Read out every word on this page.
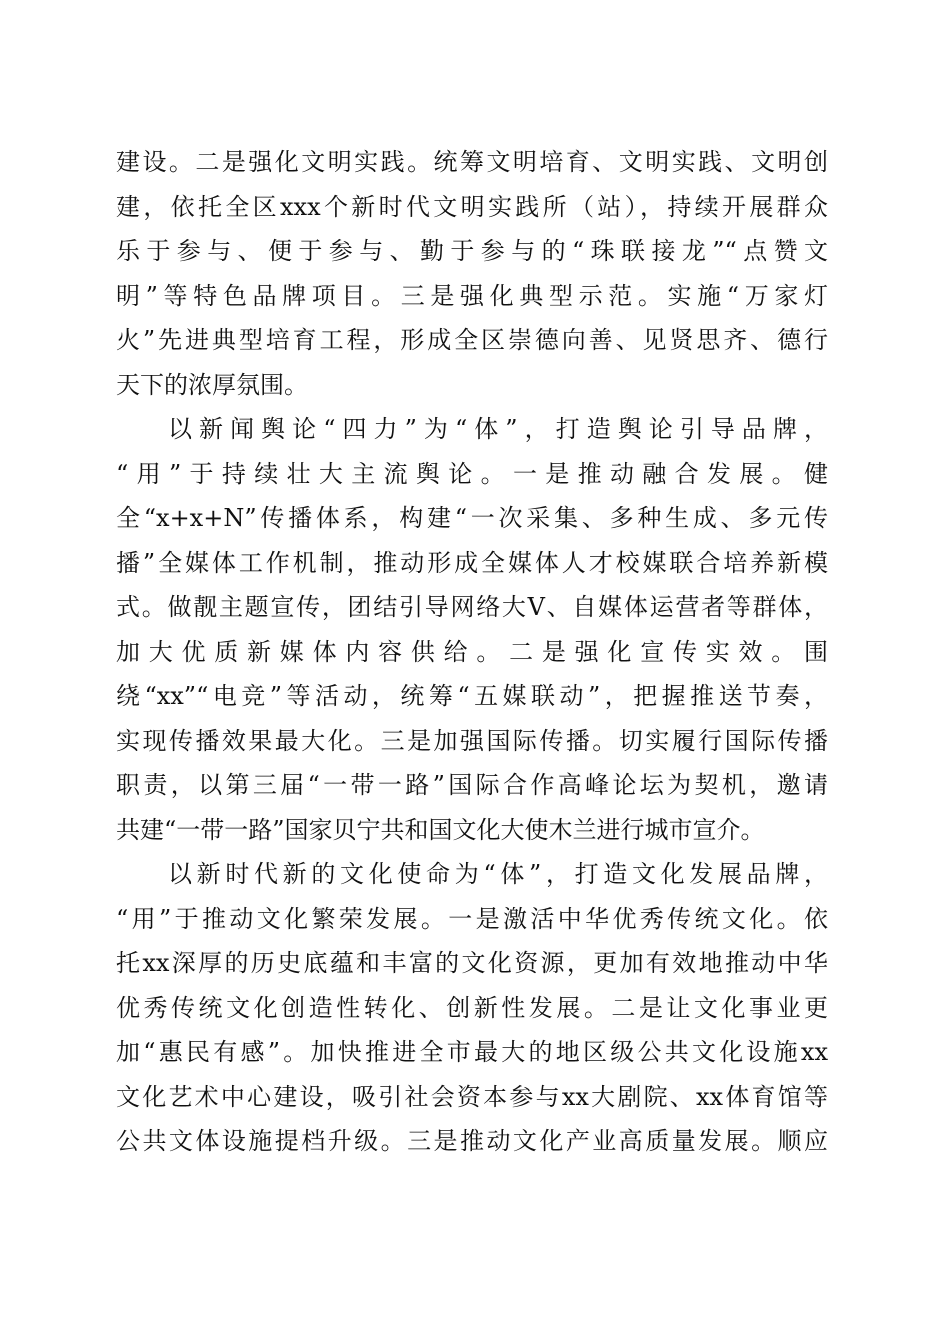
建设。二是强化文明实践。统筹文明培育、文明实践、文明创
建，依托全区xxx个新时代文明实践所（站），持续开展群众
乐于参与、便于参与、勤于参与的“珠联接龙”“点赞文
明”等特色品牌项目。三是强化典型示范。实施“万家灯
火”先进典型培育工程，形成全区崇德向善、见贤思齐、德行
天下的浓厚氛围。
以新闻舆论“四力”为“体”，打造舆论引导品牌，
“用”于持续壮大主流舆论。一是推动融合发展。健
全“x+x+N”传播体系，构建“一次采集、多种生成、多元传
播”全媒体工作机制，推动形成全媒体人才校媒联合培养新模
式。做靓主题宣传，团结引导网络大V、自媒体运营者等群体，
加大优质新媒体内容供给。二是强化宣传实效。围
绕“xx”“电竞”等活动，统筹“五媒联动”，把握推送节奏，
实现传播效果最大化。三是加强国际传播。切实履行国际传播
职责，以第三届“一带一路”国际合作高峰论坛为契机，邀请
共建“一带一路”国家贝宁共和国文化大使木兰进行城市宣介。
以新时代新的文化使命为“体”，打造文化发展品牌，
“用”于推动文化繁荣发展。一是激活中华优秀传统文化。依
托xx深厚的历史底蕴和丰富的文化资源，更加有效地推动中华
优秀传统文化创造性转化、创新性发展。二是让文化事业更
加“惠民有感”。加快推进全市最大的地区级公共文化设施xx
文化艺术中心建设，吸引社会资本参与xx大剧院、xx体育馆等
公共文体设施提档升级。三是推动文化产业高质量发展。顺应
